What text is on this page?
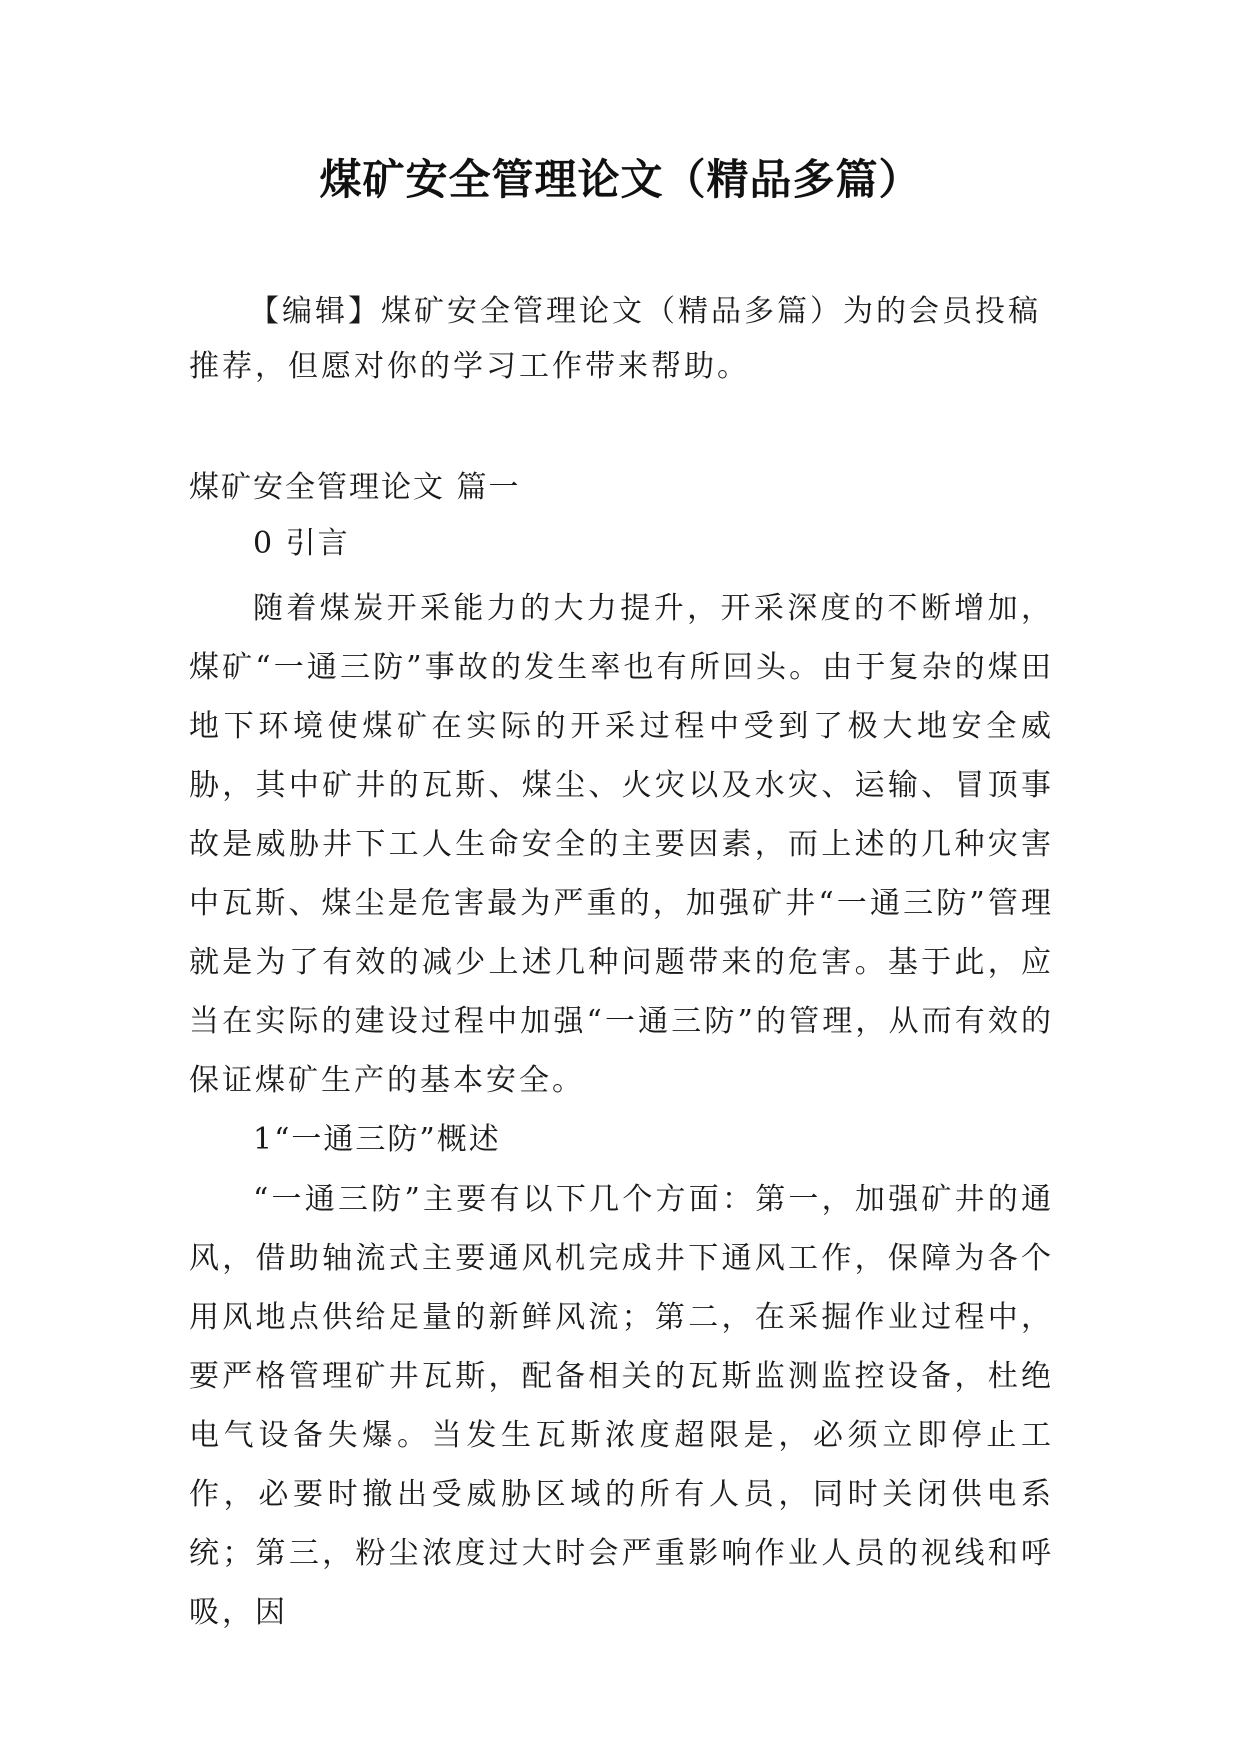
煤矿安全管理论文（精品多篇）

【编辑】煤矿安全管理论文（精品多篇）为的会员投稿推荐，但愿对你的学习工作带来帮助。

煤矿安全管理论文 篇一

0 引言

随着煤炭开采能力的大力提升，开采深度的不断增加，煤矿“一通三防”事故的发生率也有所回头。由于复杂的煤田地下环境使煤矿在实际的开采过程中受到了极大地安全威胁，其中矿井的瓦斯、煤尘、火灾以及水灾、运输、冒顶事故是威胁井下工人生命安全的主要因素，而上述的几种灾害中瓦斯、煤尘是危害最为严重的，加强矿井“一通三防”管理就是为了有效的减少上述几种问题带来的危害。基于此，应当在实际的建设过程中加强“一通三防”的管理，从而有效的保证煤矿生产的基本安全。

1“一通三防”概述

“一通三防”主要有以下几个方面：第一，加强矿井的通风，借助轴流式主要通风机完成井下通风工作，保障为各个用风地点供给足量的新鲜风流；第二，在采掘作业过程中，要严格管理矿井瓦斯，配备相关的瓦斯监测监控设备，杜绝电气设备失爆。当发生瓦斯浓度超限是，必须立即停止工作，必要时撤出受威胁区域的所有人员，同时关闭供电系统；第三，粉尘浓度过大时会严重影响作业人员的视线和呼吸，因
